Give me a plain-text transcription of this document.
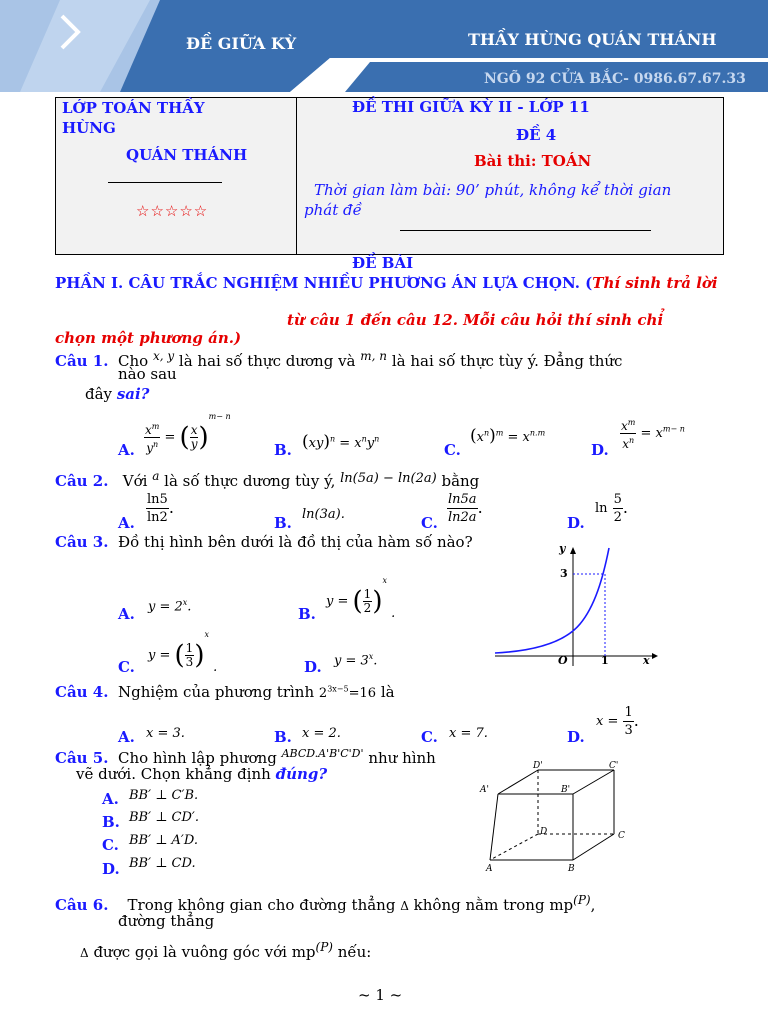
ĐỀ GIỮA KỲ	THẦY HÙNG QUÁN THÁNH
NGÕ 92 CỬA BẮC- 0986.67.67.33
LỚP TOÁN THẦY HÙNG
QUÁN THÁNH
☆☆☆☆☆
ĐỀ THI GIỮA KỲ II - LỚP 11
ĐỀ 4
Bài thi: TOÁN
Thời gian làm bài: 90’ phút, không kể thời gian phát đề
ĐỀ BÀI
PHẦN I. CÂU TRẮC NGHIỆM NHIỀU PHƯƠNG ÁN LỰA CHỌN. (Thí sinh trả lời
từ câu 1 đến câu 12. Mỗi câu hỏi thí sinh chỉ
chọn một phương án.)
Câu 1. Cho $^{x, y}$ là hai số thực dương và $^{m, n}$ là hai số thực tùy ý. Đẳng thức
nào sau
đây sai?
A. $\frac{x^m}{y^n}$ = ( $\frac{x}{y} )^{m- n}$
B. $(xy)^n = x^ny^n$
C.
$(x^n)^m = x^{n.m}$
D. $\frac{x^m}{x^n} = x^{m- n}$
Câu 2. Với $^a$ là số thực dương tùy ý, ln(5a) − ln(2a) bằng
A. $\frac{\ln 5}{\ln 2}$ .
B. ln(3a).	C. $\frac{\ln 5a}{\ln 2a}$ .
D.
$\ln \frac{5}{2}$ .
Câu 3. Đồ thị hình bên dưới là đồ thị của hàm số nào?
A. $y = 2^x$.	B.
y = ( $\frac{1}{2} )^x$ .
C.
y = ( $\frac{1}{3} )^x$ .	D. $y = 3^x$.
y
3
O	1	x
Câu 4. Nghiệm của phương trình $2^{3x-5}=16$ là
A. x = 3.	B. x = 2.	C. x = 7.	D.
$x = \frac{1}{3}$ .
Câu 5. Cho hình lập phương $^{ABCD.A'B'C'D'}$ như hình
vẽ dưới. Chọn khẳng định đúng?
A. BB′ ⊥ C′B.
B. BB′ ⊥ CD′.
C. BB′ ⊥ A′D.
D. BB′ ⊥ CD.
D'	C'
A'	B'
D	C
A	B
Câu 6. Trong không gian cho đường thẳng Δ không nằm trong $mp^{(P)}$,
đường thẳng
Δ được gọi là vuông góc với $mp^{(P)}$ nếu:
~ 1 ~
